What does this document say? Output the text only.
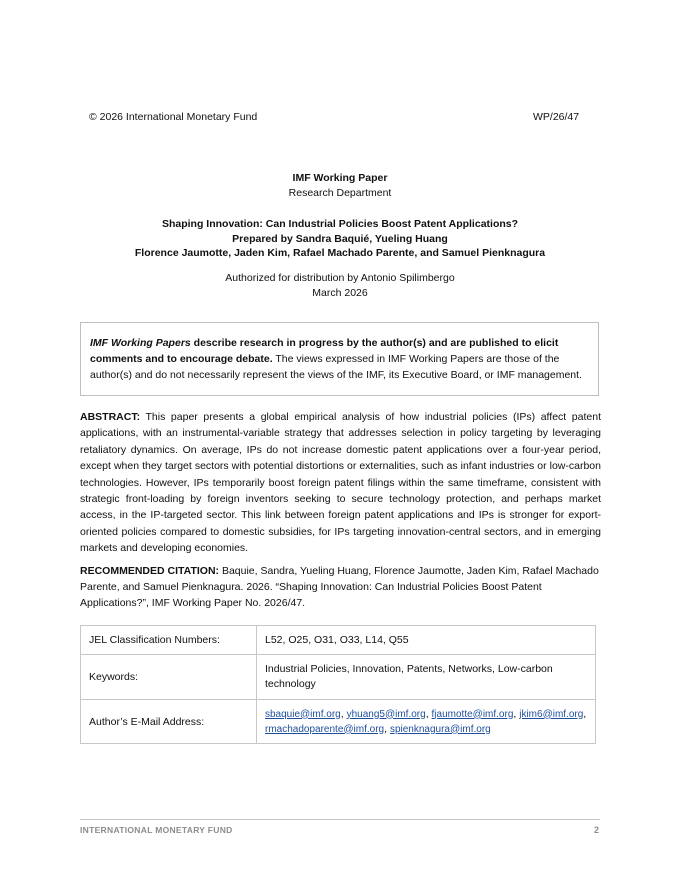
© 2026 International Monetary Fund	WP/26/47
IMF Working Paper
Research Department
Shaping Innovation: Can Industrial Policies Boost Patent Applications?
Prepared by Sandra Baquié, Yueling Huang
Florence Jaumotte, Jaden Kim, Rafael Machado Parente, and Samuel Pienknagura
Authorized for distribution by Antonio Spilimbergo
March 2026
IMF Working Papers describe research in progress by the author(s) and are published to elicit comments and to encourage debate. The views expressed in IMF Working Papers are those of the author(s) and do not necessarily represent the views of the IMF, its Executive Board, or IMF management.
ABSTRACT: This paper presents a global empirical analysis of how industrial policies (IPs) affect patent applications, with an instrumental-variable strategy that addresses selection in policy targeting by leveraging retaliatory dynamics. On average, IPs do not increase domestic patent applications over a four-year period, except when they target sectors with potential distortions or externalities, such as infant industries or low-carbon technologies. However, IPs temporarily boost foreign patent filings within the same timeframe, consistent with strategic front-loading by foreign inventors seeking to secure technology protection, and perhaps market access, in the IP-targeted sector. This link between foreign patent applications and IPs is stronger for export-oriented policies compared to domestic subsidies, for IPs targeting innovation-central sectors, and in emerging markets and developing economies.
RECOMMENDED CITATION: Baquie, Sandra, Yueling Huang, Florence Jaumotte, Jaden Kim, Rafael Machado Parente, and Samuel Pienknagura. 2026. “Shaping Innovation: Can Industrial Policies Boost Patent Applications?”, IMF Working Paper No. 2026/47.
JEL Classification Numbers:	L52, O25, O31, O33, L14, Q55
Keywords:	Industrial Policies, Innovation, Patents, Networks, Low-carbon technology
Author’s E-Mail Address:	sbaquie@imf.org, yhuang5@imf.org, fjaumotte@imf.org, jkim6@imf.org, rmachadoparente@imf.org, spienknagura@imf.org
INTERNATIONAL MONETARY FUND	2
